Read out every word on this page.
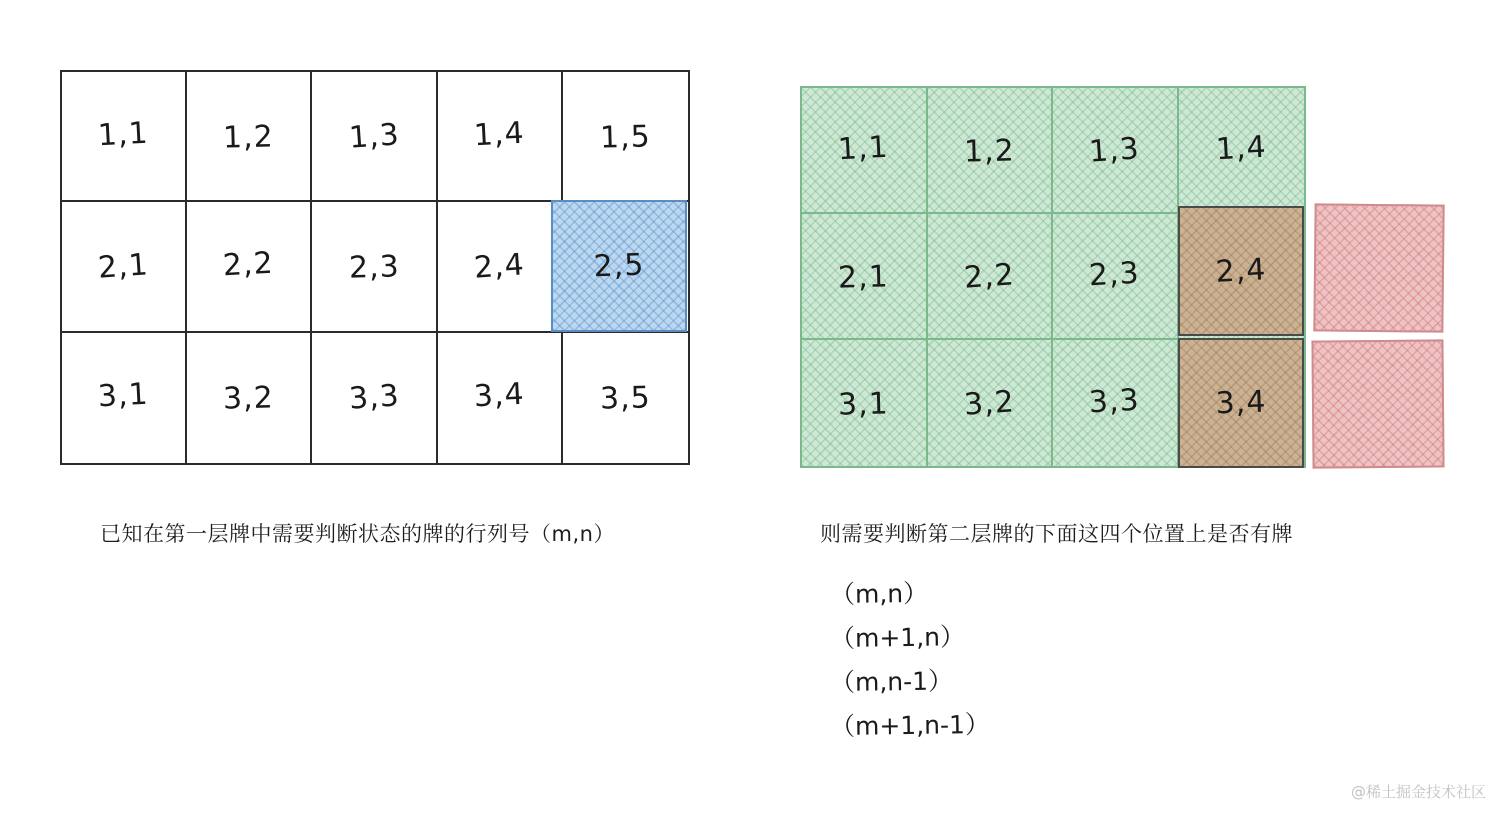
1,1 1,2 1,3 1,4 1,5
2,1 2,2 2,3 2,4
3,1 3,2 3,3 3,4 3,5
2,5
1,1 1,2 1,3 1,4
2,1 2,2 2,3
3,1 3,2 3,3
2,4
3,4
已知在第一层牌中需要判断状态的牌的行列号（m,n）	则需要判断第二层牌的下面这四个位置上是否有牌
（m,n）
（m+1,n）
（m,n-1）
（m+1,n-1）
@稀土掘金技术社区
